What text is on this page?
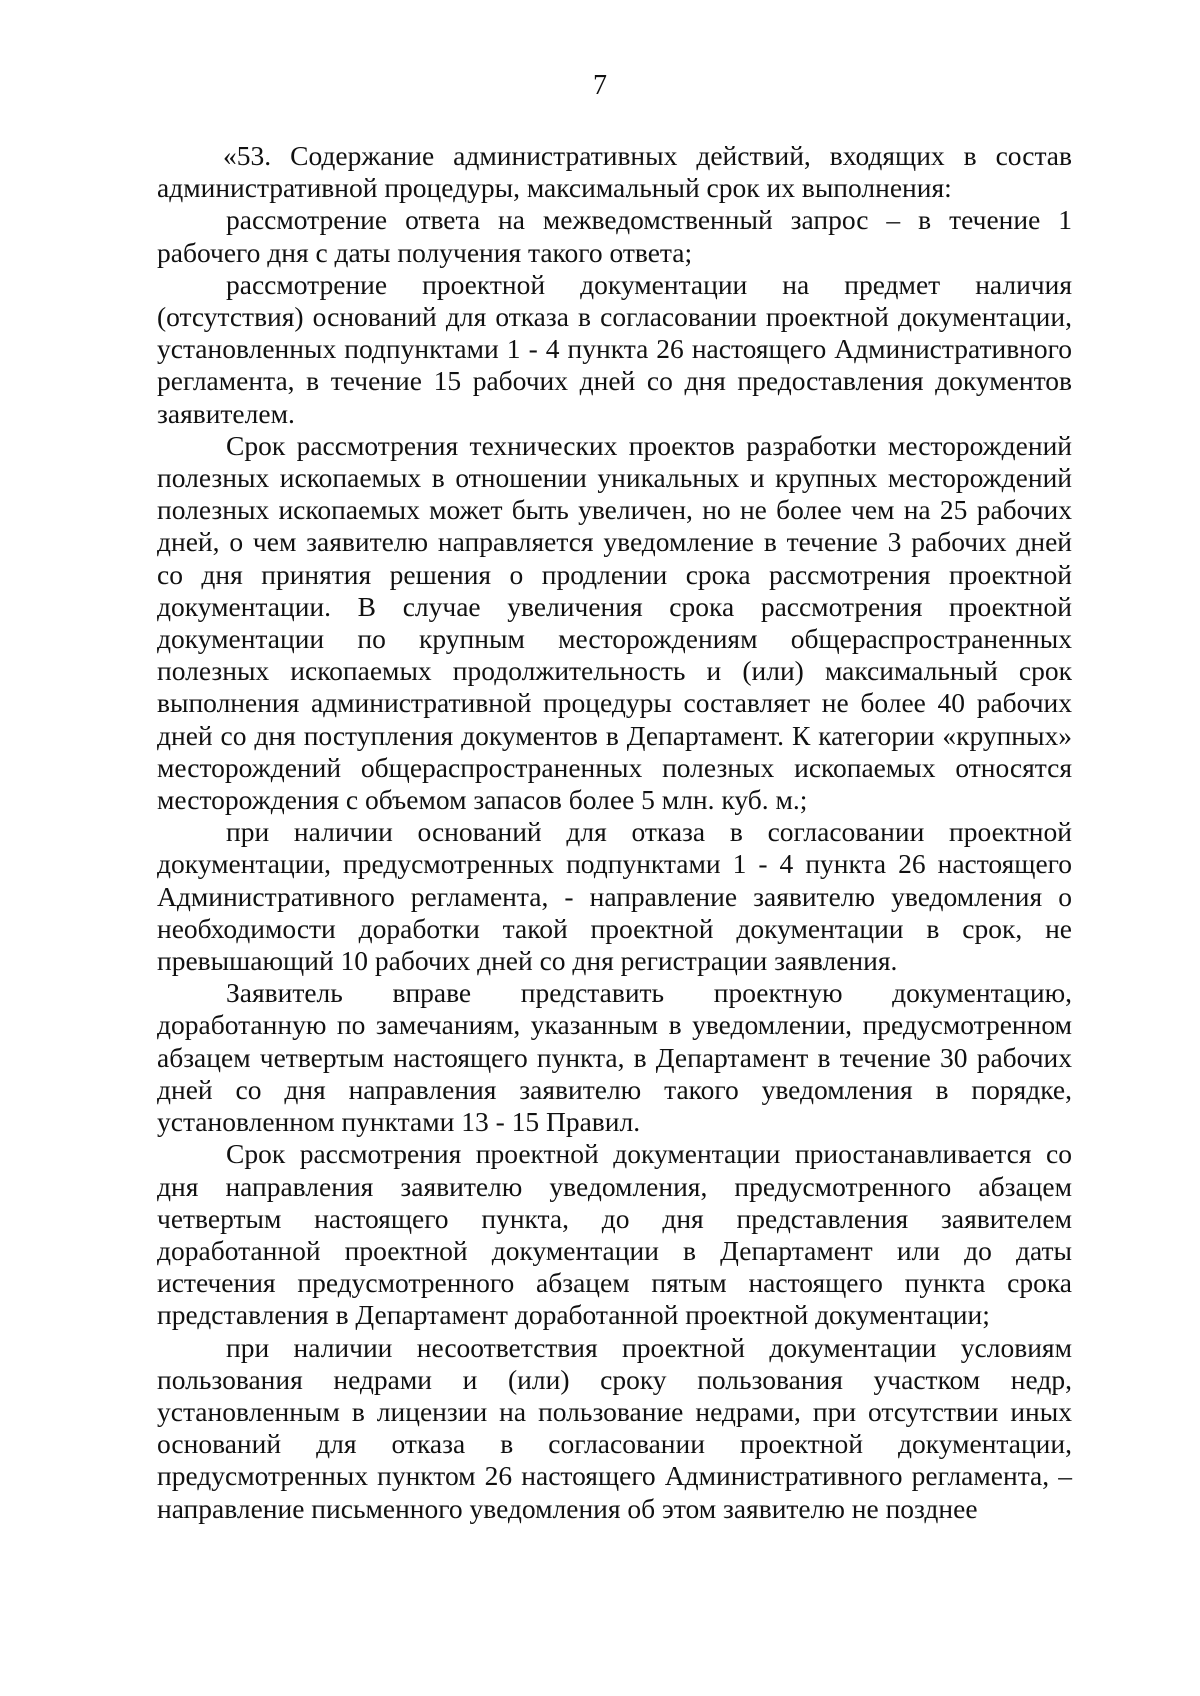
7

«53. Содержание административных действий, входящих в состав административной процедуры, максимальный срок их выполнения:

рассмотрение ответа на межведомственный запрос – в течение 1 рабочего дня с даты получения такого ответа;

рассмотрение проектной документации на предмет наличия (отсутствия) оснований для отказа в согласовании проектной документации, установленных подпунктами 1 - 4 пункта 26 настоящего Административного регламента, в течение 15 рабочих дней со дня предоставления документов заявителем.

Срок рассмотрения технических проектов разработки месторождений полезных ископаемых в отношении уникальных и крупных месторождений полезных ископаемых может быть увеличен, но не более чем на 25 рабочих дней, о чем заявителю направляется уведомление в течение 3 рабочих дней со дня принятия решения о продлении срока рассмотрения проектной документации. В случае увеличения срока рассмотрения проектной документации по крупным месторождениям общераспространенных полезных ископаемых продолжительность и (или) максимальный срок выполнения административной процедуры составляет не более 40 рабочих дней со дня поступления документов в Департамент. К категории «крупных» месторождений общераспространенных полезных ископаемых относятся месторождения с объемом запасов более 5 млн. куб. м.;

при наличии оснований для отказа в согласовании проектной документации, предусмотренных подпунктами 1 - 4 пункта 26 настоящего Административного регламента, - направление заявителю уведомления о необходимости доработки такой проектной документации в срок, не превышающий 10 рабочих дней со дня регистрации заявления.

Заявитель вправе представить проектную документацию, доработанную по замечаниям, указанным в уведомлении, предусмотренном абзацем четвертым настоящего пункта, в Департамент в течение 30 рабочих дней со дня направления заявителю такого уведомления в порядке, установленном пунктами 13 - 15 Правил.

Срок рассмотрения проектной документации приостанавливается со дня направления заявителю уведомления, предусмотренного абзацем четвертым настоящего пункта, до дня представления заявителем доработанной проектной документации в Департамент или до даты истечения предусмотренного абзацем пятым настоящего пункта срока представления в Департамент доработанной проектной документации;

при наличии несоответствия проектной документации условиям пользования недрами и (или) сроку пользования участком недр, установленным в лицензии на пользование недрами, при отсутствии иных оснований для отказа в согласовании проектной документации, предусмотренных пунктом 26 настоящего Административного регламента, – направление письменного уведомления об этом заявителю не позднее
